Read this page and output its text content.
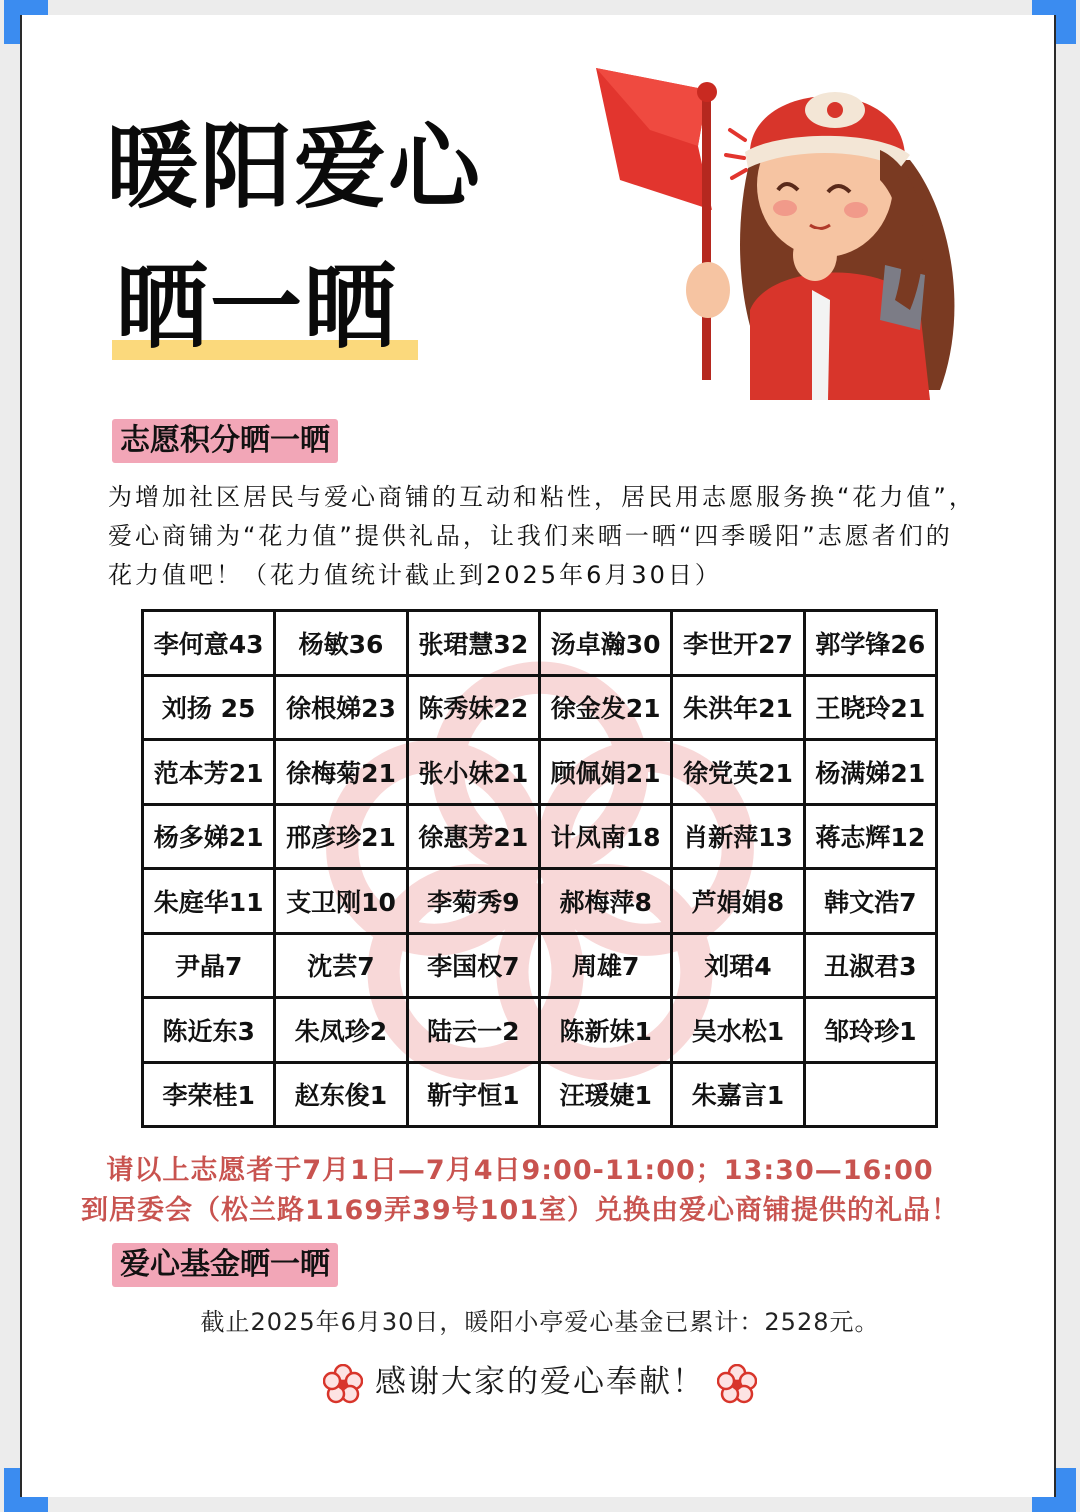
暖阳爱心
晒一晒
志愿积分晒一晒

为增加社区居民与爱心商铺的互动和粘性，居民用志愿服务换“花力值”，爱心商铺为“花力值”提供礼品，让我们来晒一晒“四季暖阳”志愿者们的花力值吧！（花力值统计截止到2025年6月30日）

李何意43	杨敏36	张珺慧32	汤卓瀚30	李世开27	郭学锋26
刘扬 25	徐根娣23	陈秀妹22	徐金发21	朱洪年21	王晓玲21
范本芳21	徐梅菊21	张小妹21	顾佩娟21	徐党英21	杨满娣21
杨多娣21	邢彦珍21	徐惠芳21	计凤南18	肖新萍13	蒋志辉12
朱庭华11	支卫刚10	李菊秀9	郝梅萍8	芦娟娟8	韩文浩7
尹晶7	沈芸7	李国权7	周雄7	刘珺4	丑淑君3
陈近东3	朱凤珍2	陆云一2	陈新妹1	吴水松1	邹玲珍1
李荣桂1	赵东俊1	靳宇恒1	汪瑗婕1	朱嘉言1	

请以上志愿者于7月1日—7月4日9:00-11:00；13:30—16:00

到居委会（松兰路1169弄39号101室）兑换由爱心商铺提供的礼品！

爱心基金晒一晒

截止2025年6月30日，暖阳小亭爱心基金已累计：2528元。

感谢大家的爱心奉献！
